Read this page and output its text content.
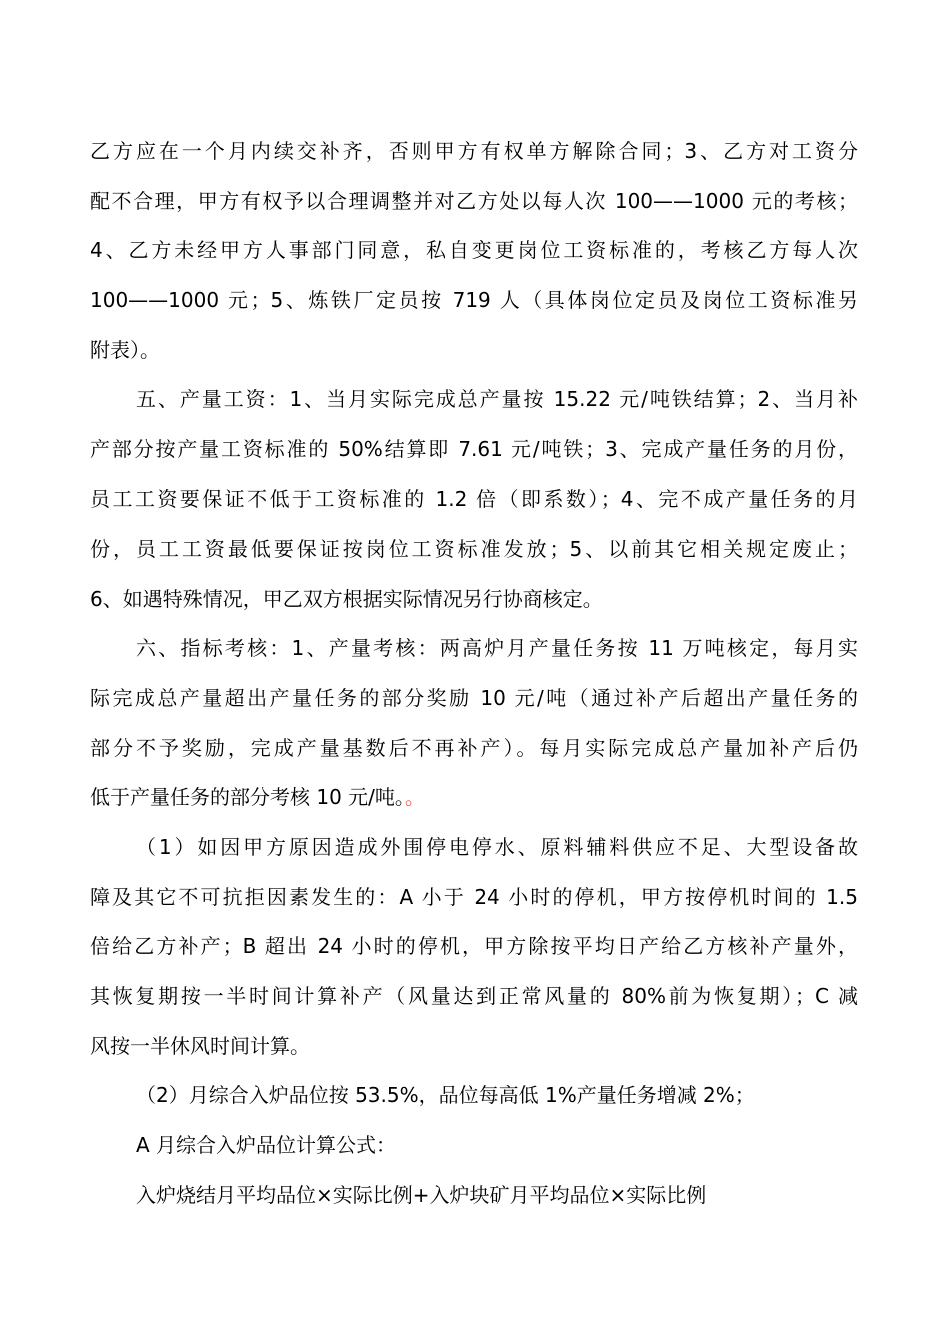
乙方应在一个月内续交补齐，否则甲方有权单方解除合同；3、乙方对工资分
配不合理，甲方有权予以合理调整并对乙方处以每人次 100——1000 元的考核；
4、乙方未经甲方人事部门同意，私自变更岗位工资标准的，考核乙方每人次
100——1000 元；5、炼铁厂定员按 719 人（具体岗位定员及岗位工资标准另
附表）。
五、产量工资：1、当月实际完成总产量按 15.22 元/吨铁结算；2、当月补
产部分按产量工资标准的 50%结算即 7.61 元/吨铁；3、完成产量任务的月份，
员工工资要保证不低于工资标准的 1.2 倍（即系数）；4、完不成产量任务的月
份，员工工资最低要保证按岗位工资标准发放；5、以前其它相关规定废止；
6、如遇特殊情况，甲乙双方根据实际情况另行协商核定。
六、指标考核：1、产量考核：两高炉月产量任务按 11 万吨核定，每月实
际完成总产量超出产量任务的部分奖励 10 元/吨（通过补产后超出产量任务的
部分不予奖励，完成产量基数后不再补产）。每月实际完成总产量加补产后仍
低于产量任务的部分考核 10 元/吨。。
（1）如因甲方原因造成外围停电停水、原料辅料供应不足、大型设备故
障及其它不可抗拒因素发生的：A 小于 24 小时的停机，甲方按停机时间的 1.5
倍给乙方补产；B 超出 24 小时的停机，甲方除按平均日产给乙方核补产量外，
其恢复期按一半时间计算补产（风量达到正常风量的 80%前为恢复期）；C 减
风按一半休风时间计算。
（2）月综合入炉品位按 53.5%，品位每高低 1%产量任务增减 2%；
A 月综合入炉品位计算公式：
入炉烧结月平均品位×实际比例+入炉块矿月平均品位×实际比例
